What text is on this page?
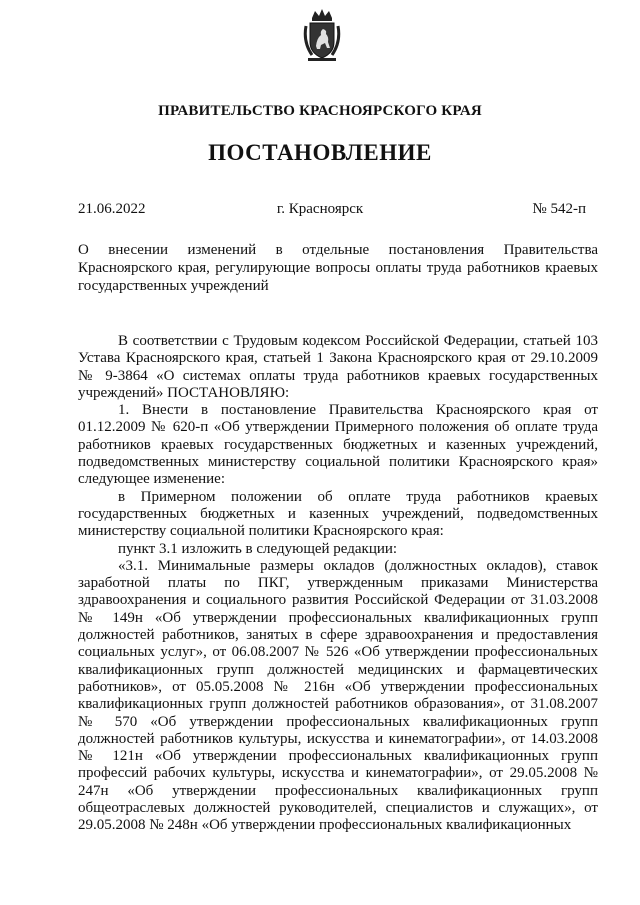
ПРАВИТЕЛЬСТВО КРАСНОЯРСКОГО КРАЯ
ПОСТАНОВЛЕНИЕ
21.06.2022	г. Красноярск	№ 542-п
О внесении изменений в отдельные постановления Правительства Красноярского края, регулирующие вопросы оплаты труда работников краевых государственных учреждений

В соответствии с Трудовым кодексом Российской Федерации, статьей 103 Устава Красноярского края, статьей 1 Закона Красноярского края от 29.10.2009 № 9-3864 «О системах оплаты труда работников краевых государственных учреждений» ПОСТАНОВЛЯЮ:

1. Внести в постановление Правительства Красноярского края от 01.12.2009 № 620-п «Об утверждении Примерного положения об оплате труда работников краевых государственных бюджетных и казенных учреждений, подведомственных министерству социальной политики Красноярского края» следующее изменение:

в Примерном положении об оплате труда работников краевых государственных бюджетных и казенных учреждений, подведомственных министерству социальной политики Красноярского края:

пункт 3.1 изложить в следующей редакции:

«3.1. Минимальные размеры окладов (должностных окладов), ставок заработной платы по ПКГ, утвержденным приказами Министерства здравоохранения и социального развития Российской Федерации от 31.03.2008 № 149н «Об утверждении профессиональных квалификационных групп должностей работников, занятых в сфере здравоохранения и предоставления социальных услуг», от 06.08.2007 № 526 «Об утверждении профессиональных квалификационных групп должностей медицинских и фармацевтических работников», от 05.05.2008 № 216н «Об утверждении профессиональных квалификационных групп должностей работников образования», от 31.08.2007 № 570 «Об утверждении профессиональных квалификационных групп должностей работников культуры, искусства и кинематографии», от 14.03.2008 № 121н «Об утверждении профессиональных квалификационных групп профессий рабочих культуры, искусства и кинематографии», от 29.05.2008 № 247н «Об утверждении профессиональных квалификационных групп общеотраслевых должностей руководителей, специалистов и служащих», от 29.05.2008 № 248н «Об утверждении профессиональных квалификационных
